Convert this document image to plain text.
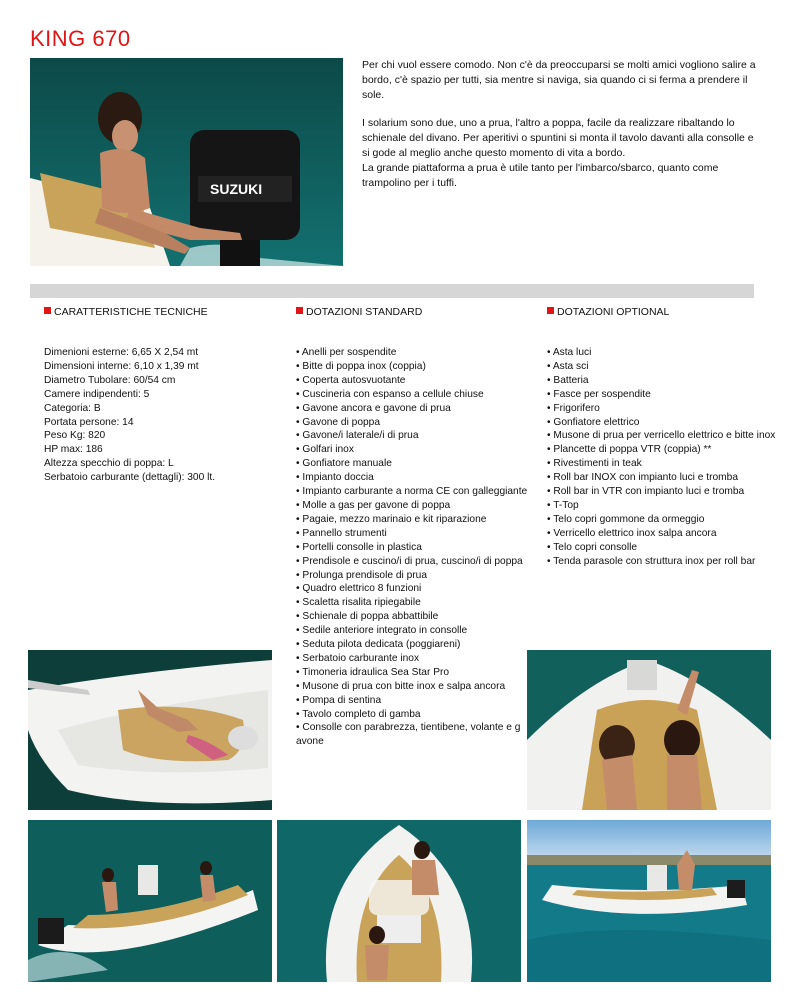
KING 670
SUZUKI

Per chi vuol essere comodo. Non c'è da preoccuparsi se molti amici vogliono salire a bordo, c'è spazio per tutti, sia mentre si naviga, sia quando ci si ferma a prendere il sole.

I solarium sono due, uno a prua, l'altro a poppa, facile da realizzare ribaltando lo schienale del divano. Per aperitivi o spuntini si monta il tavolo davanti alla consolle e si gode al meglio anche questo momento di vita a bordo.

La grande piattaforma a prua è utile tanto per l'imbarco/sbarco, quanto come trampolino per i tuffi.

CARATTERISTICHE TECNICHE	DOTAZIONI STANDARD	DOTAZIONI OPTIONAL
Dimenioni esterne: 6,65 X 2,54 mt
Dimensioni interne: 6,10 x 1,39 mt
Diametro Tubolare: 60/54 cm
Camere indipendenti: 5
Categoria: B
Portata persone: 14
Peso Kg: 820
HP max: 186
Altezza specchio di poppa: L
Serbatoio carburante (dettagli): 300 lt.
• Anelli per sospendite
• Bitte di poppa inox (coppia)
• Coperta autosvuotante
• Cuscineria con espanso a cellule chiuse
• Gavone ancora e gavone di prua
• Gavone di poppa
• Gavone/i laterale/i di prua
• Golfari inox
• Gonfiatore manuale
• Impianto doccia
• Impianto carburante a norma CE con galleggiante
• Molle a gas per gavone di poppa
• Pagaie, mezzo marinaio e kit riparazione
• Pannello strumenti
• Portelli consolle in plastica
• Prendisole e cuscino/i di prua, cuscino/i di poppa
• Prolunga prendisole di prua
• Quadro elettrico 8 funzioni
• Scaletta risalita ripiegabile
• Schienale di poppa abbattibile
• Sedile anteriore integrato in consolle
• Seduta pilota dedicata (poggiareni)
• Serbatoio carburante inox
• Timoneria idraulica Sea Star Pro
• Musone di prua con bitte inox e salpa ancora
• Pompa di sentina
• Tavolo completo di gamba
• Consolle con parabrezza, tientibene, volante e g
avone
• Asta luci
• Asta sci
• Batteria
• Fasce per sospendite
• Frigorifero
• Gonfiatore elettrico
• Musone di prua per verricello elettrico e bitte inox
• Plancette di poppa VTR (coppia) **
• Rivestimenti in teak
• Roll bar INOX con impianto luci e tromba
• Roll bar in VTR con impianto luci e tromba
• T-Top
• Telo copri gommone da ormeggio
• Verricello elettrico inox salpa ancora
• Telo copri consolle
• Tenda parasole con struttura inox per roll bar
